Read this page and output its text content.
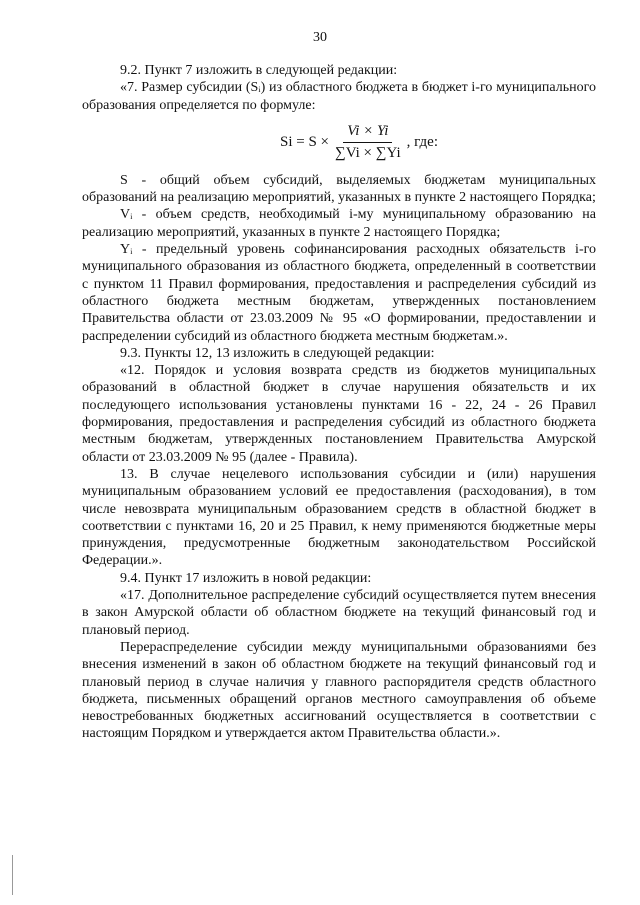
30

9.2. Пункт 7 изложить в следующей редакции:

«7. Размер субсидии (Sᵢ) из областного бюджета в бюджет i-го муниципального образования определяется по формуле:

Si
= $S \times \frac{Vi \times Yi}{\sum Vi \times \sum Yi}$ , где:

S - общий объем субсидий, выделяемых бюджетам муниципальных образований на реализацию мероприятий, указанных в пункте 2 настоящего Порядка;

Vᵢ - объем средств, необходимый i-му муниципальному образованию на реализацию мероприятий, указанных в пункте 2 настоящего Порядка;

Yᵢ - предельный уровень софинансирования расходных обязательств i-го муниципального образования из областного бюджета, определенный в соответствии с пунктом 11 Правил формирования, предоставления и распределения субсидий из областного бюджета местным бюджетам, утвержденных постановлением Правительства области от 23.03.2009 № 95 «О формировании, предоставлении и распределении субсидий из областного бюджета местным бюджетам.».

9.3. Пункты 12, 13 изложить в следующей редакции:

«12. Порядок и условия возврата средств из бюджетов муниципальных образований в областной бюджет в случае нарушения обязательств и их последующего использования установлены пунктами 16 - 22, 24 - 26 Правил формирования, предоставления и распределения субсидий из областного бюджета местным бюджетам, утвержденных постановлением Правительства Амурской области от 23.03.2009 № 95 (далее - Правила).

13. В случае нецелевого использования субсидии и (или) нарушения муниципальным образованием условий ее предоставления (расходования), в том числе невозврата муниципальным образованием средств в областной бюджет в соответствии с пунктами 16, 20 и 25 Правил, к нему применяются бюджетные меры принуждения, предусмотренные бюджетным законодательством Российской Федерации.».

9.4. Пункт 17 изложить в новой редакции:

«17. Дополнительное распределение субсидий осуществляется путем внесения в закон Амурской области об областном бюджете на текущий финансовый год и плановый период.

Перераспределение субсидии между муниципальными образованиями без внесения изменений в закон об областном бюджете на текущий финансовый год и плановый период в случае наличия у главного распорядителя средств областного бюджета, письменных обращений органов местного самоуправления об объеме невостребованных бюджетных ассигнований осуществляется в соответствии с настоящим Порядком и утверждается актом Правительства области.».
